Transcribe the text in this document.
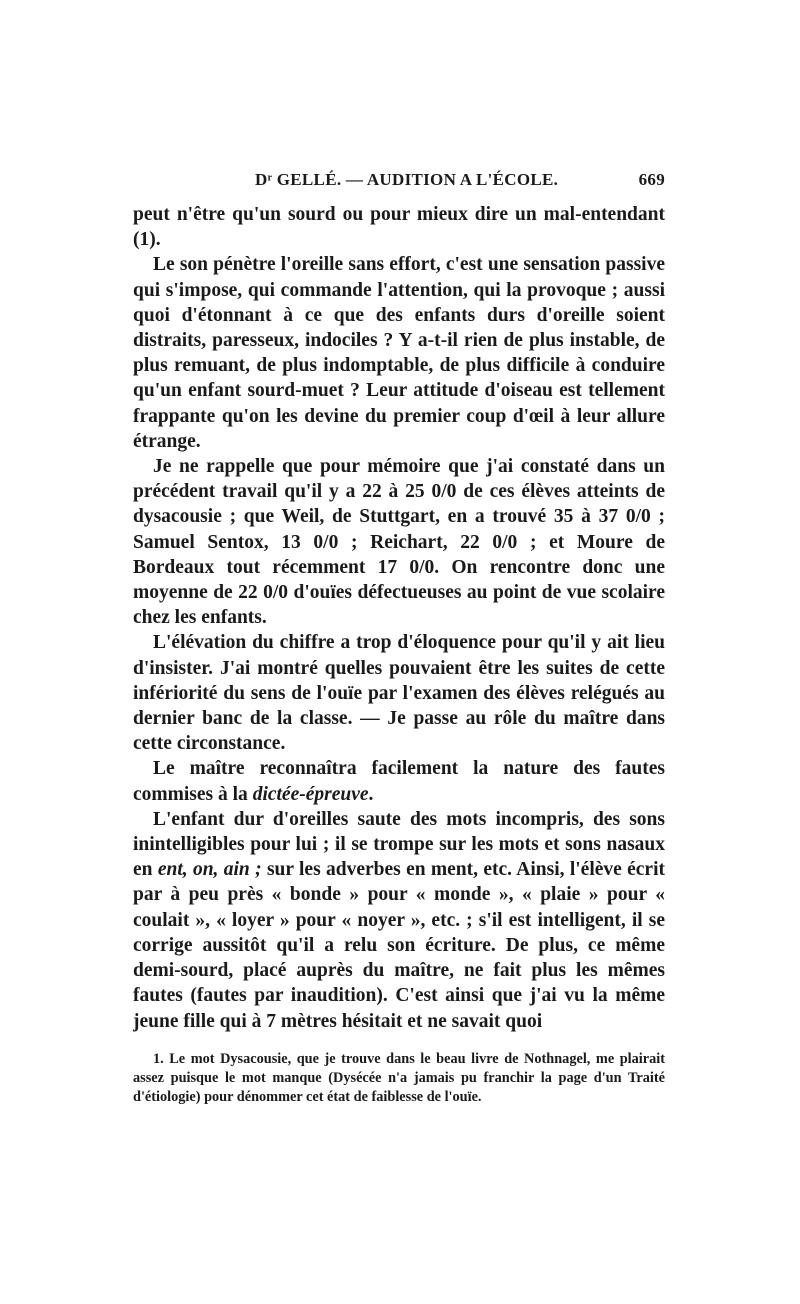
Dʳ GELLÉ. — AUDITION A L'ÉCOLE.	669

peut n'être qu'un sourd ou pour mieux dire un mal-entendant (1).

Le son pénètre l'oreille sans effort, c'est une sensation passive qui s'impose, qui commande l'attention, qui la provoque ; aussi quoi d'étonnant à ce que des enfants durs d'oreille soient distraits, paresseux, indociles ? Y a-t-il rien de plus instable, de plus remuant, de plus indomptable, de plus difficile à conduire qu'un enfant sourd-muet ? Leur attitude d'oiseau est tellement frappante qu'on les devine du premier coup d'œil à leur allure étrange.

Je ne rappelle que pour mémoire que j'ai constaté dans un précédent travail qu'il y a 22 à 25 0/0 de ces élèves atteints de dysacousie ; que Weil, de Stuttgart, en a trouvé 35 à 37 0/0 ; Samuel Sentox, 13 0/0 ; Reichart, 22 0/0 ; et Moure de Bordeaux tout récemment 17 0/0. On rencontre donc une moyenne de 22 0/0 d'ouïes défectueuses au point de vue scolaire chez les enfants.

L'élévation du chiffre a trop d'éloquence pour qu'il y ait lieu d'insister. J'ai montré quelles pouvaient être les suites de cette infériorité du sens de l'ouïe par l'examen des élèves relégués au dernier banc de la classe. — Je passe au rôle du maître dans cette circonstance.

Le maître reconnaîtra facilement la nature des fautes commises à la dictée-épreuve.

L'enfant dur d'oreilles saute des mots incompris, des sons inintelligibles pour lui ; il se trompe sur les mots et sons nasaux en ent, on, ain ; sur les adverbes en ment, etc. Ainsi, l'élève écrit par à peu près « bonde » pour « monde », « plaie » pour « coulait », « loyer » pour « noyer », etc. ; s'il est intelligent, il se corrige aussitôt qu'il a relu son écriture. De plus, ce même demi-sourd, placé auprès du maître, ne fait plus les mêmes fautes (fautes par inaudition). C'est ainsi que j'ai vu la même jeune fille qui à 7 mètres hésitait et ne savait quoi

1. Le mot Dysacousie, que je trouve dans le beau livre de Nothnagel, me plairait assez puisque le mot manque (Dysécée n'a jamais pu franchir la page d'un Traité d'étiologie) pour dénommer cet état de faiblesse de l'ouïe.
